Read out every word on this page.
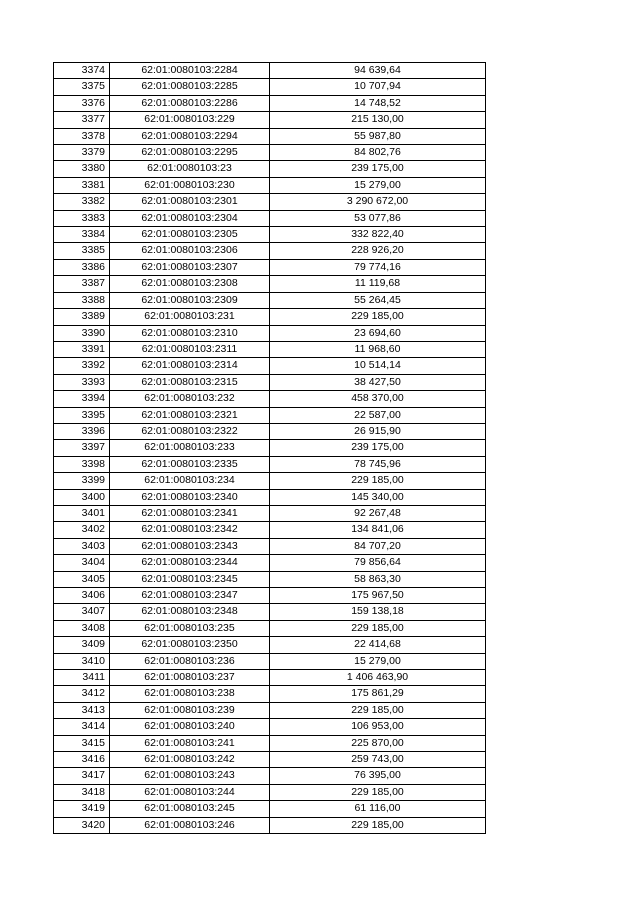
3374	62:01:0080103:2284	94 639,64
3375	62:01:0080103:2285	10 707,94
3376	62:01:0080103:2286	14 748,52
3377	62:01:0080103:229	215 130,00
3378	62:01:0080103:2294	55 987,80
3379	62:01:0080103:2295	84 802,76
3380	62:01:0080103:23	239 175,00
3381	62:01:0080103:230	15 279,00
3382	62:01:0080103:2301	3 290 672,00
3383	62:01:0080103:2304	53 077,86
3384	62:01:0080103:2305	332 822,40
3385	62:01:0080103:2306	228 926,20
3386	62:01:0080103:2307	79 774,16
3387	62:01:0080103:2308	11 119,68
3388	62:01:0080103:2309	55 264,45
3389	62:01:0080103:231	229 185,00
3390	62:01:0080103:2310	23 694,60
3391	62:01:0080103:2311	11 968,60
3392	62:01:0080103:2314	10 514,14
3393	62:01:0080103:2315	38 427,50
3394	62:01:0080103:232	458 370,00
3395	62:01:0080103:2321	22 587,00
3396	62:01:0080103:2322	26 915,90
3397	62:01:0080103:233	239 175,00
3398	62:01:0080103:2335	78 745,96
3399	62:01:0080103:234	229 185,00
3400	62:01:0080103:2340	145 340,00
3401	62:01:0080103:2341	92 267,48
3402	62:01:0080103:2342	134 841,06
3403	62:01:0080103:2343	84 707,20
3404	62:01:0080103:2344	79 856,64
3405	62:01:0080103:2345	58 863,30
3406	62:01:0080103:2347	175 967,50
3407	62:01:0080103:2348	159 138,18
3408	62:01:0080103:235	229 185,00
3409	62:01:0080103:2350	22 414,68
3410	62:01:0080103:236	15 279,00
3411	62:01:0080103:237	1 406 463,90
3412	62:01:0080103:238	175 861,29
3413	62:01:0080103:239	229 185,00
3414	62:01:0080103:240	106 953,00
3415	62:01:0080103:241	225 870,00
3416	62:01:0080103:242	259 743,00
3417	62:01:0080103:243	76 395,00
3418	62:01:0080103:244	229 185,00
3419	62:01:0080103:245	61 116,00
3420	62:01:0080103:246	229 185,00
